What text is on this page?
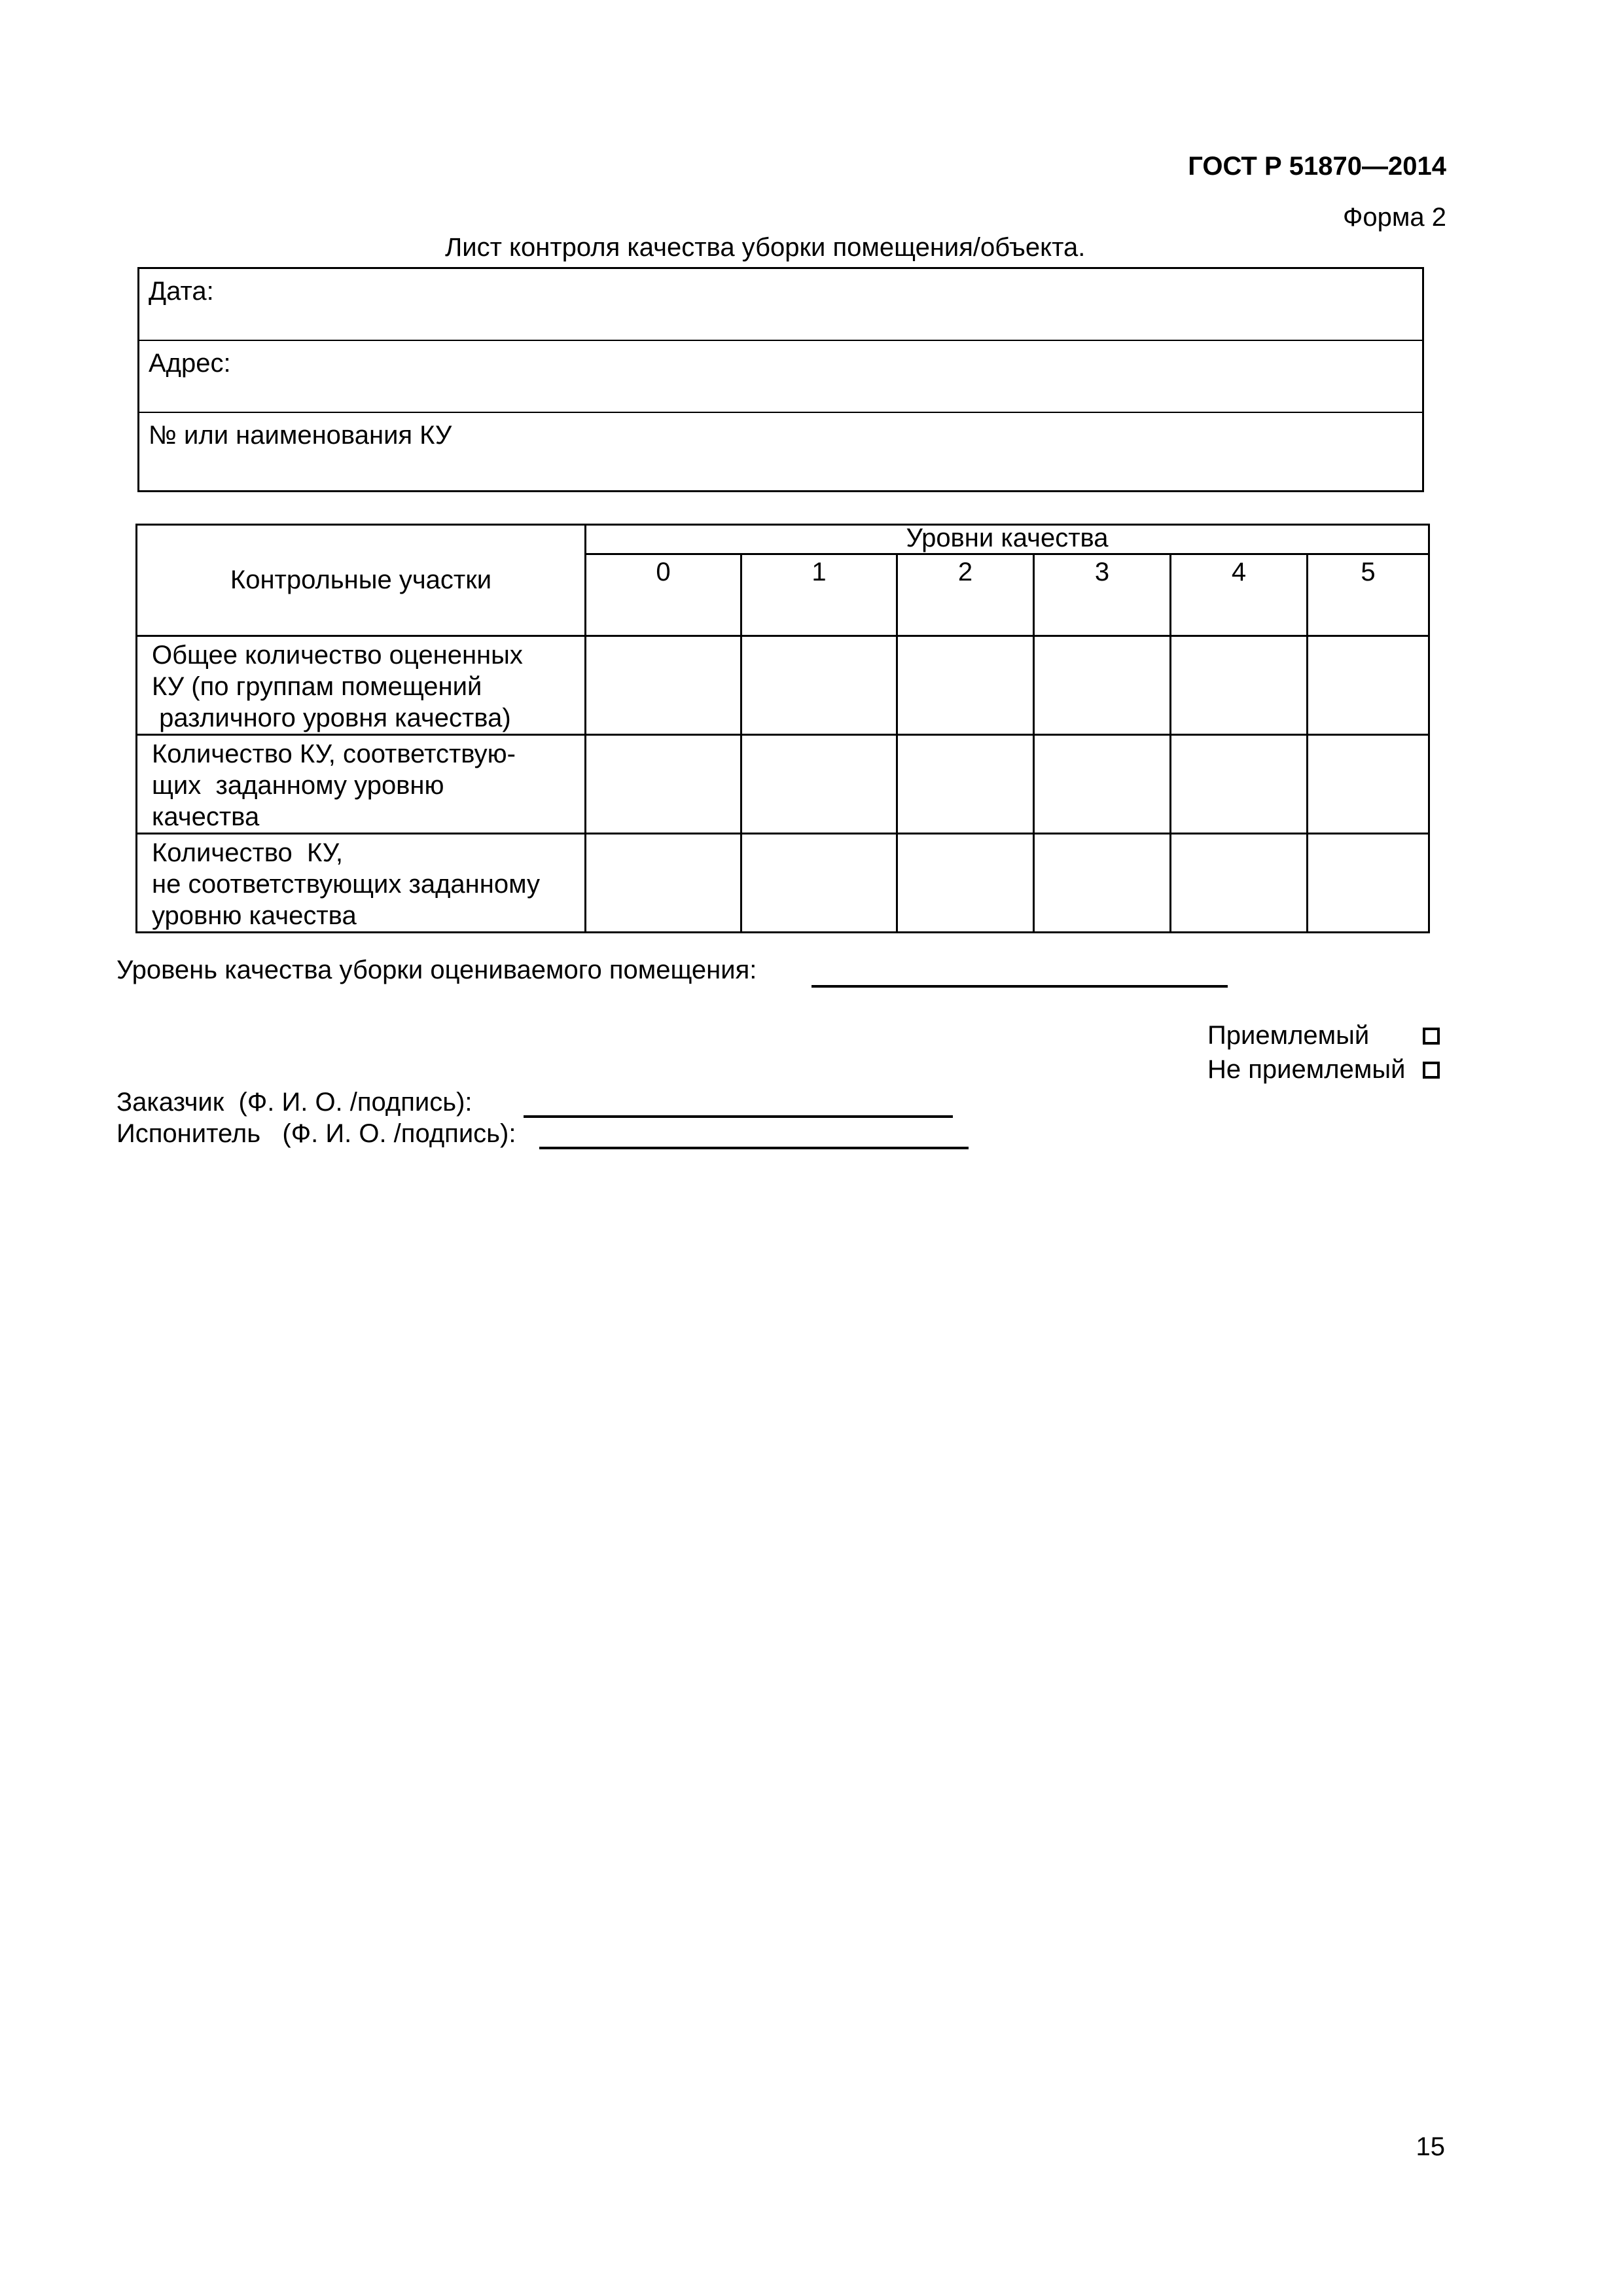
ГОСТ Р 51870—2014
Форма 2
Лист контроля качества уборки помещения/объекта.
Дата:
Адрес:
№ или наименования КУ
Контрольные участки	Уровни качества					
	0	1	2	3	4	5

Общее количество оцененных
КУ (по группам помещений
различного уровня качества)						

Количество КУ, соответствую-
щих  заданному уровню
качества						

Количество  КУ,
не соответствующих заданному
уровню качества						

Уровень качества уборки оцениваемого помещения:
Приемлемый
Не приемлемый
Заказчик  (Ф. И. О. /подпись):
Испонитель   (Ф. И. О. /подпись):
15
